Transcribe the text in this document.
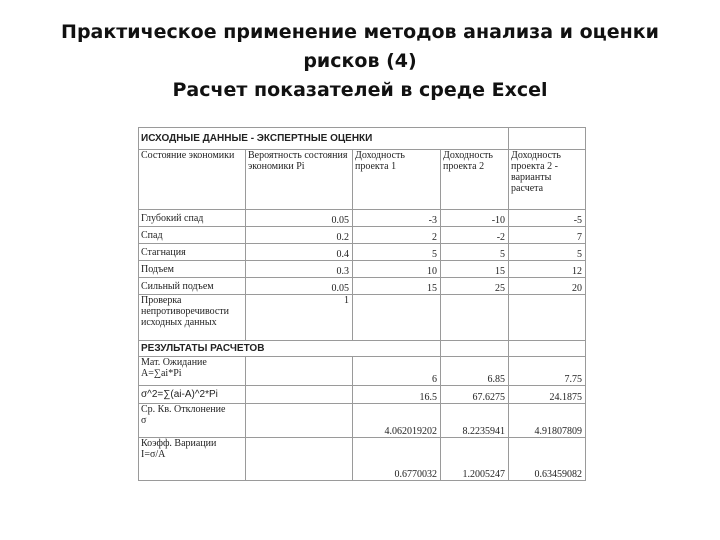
Практическое применение методов анализа и оценки
рисков (4)
Расчет показателей в среде Excel
ИСХОДНЫЕ ДАННЫЕ - ЭКСПЕРТНЫЕ ОЦЕНКИ				
Состояние экономики	Вероятность состояния экономики Pi	Доходность проекта 1	Доходность проекта 2	Доходность проекта 2 - варианты расчета
Глубокий спад	0.05	-3	-10	-5
Спад	0.2	2	-2	7
Стагнация	0.4	5	5	5
Подъем	0.3	10	15	12
Сильный подъем	0.05	15	25	20
Проверка непротиворечивости исходных данных	1			
РЕЗУЛЬТАТЫ РАСЧЕТОВ				

Мат. Ожидание
A=∑ai*Pi		6	6.85	7.75
σ^2=∑(ai-A)^2*Pi		16.5	67.6275	24.1875

Ср. Кв. Отклонение
σ		4.062019202	8.2235941	4.91807809

Коэфф. Вариации
I=σ/A		0.6770032	1.2005247	0.63459082
